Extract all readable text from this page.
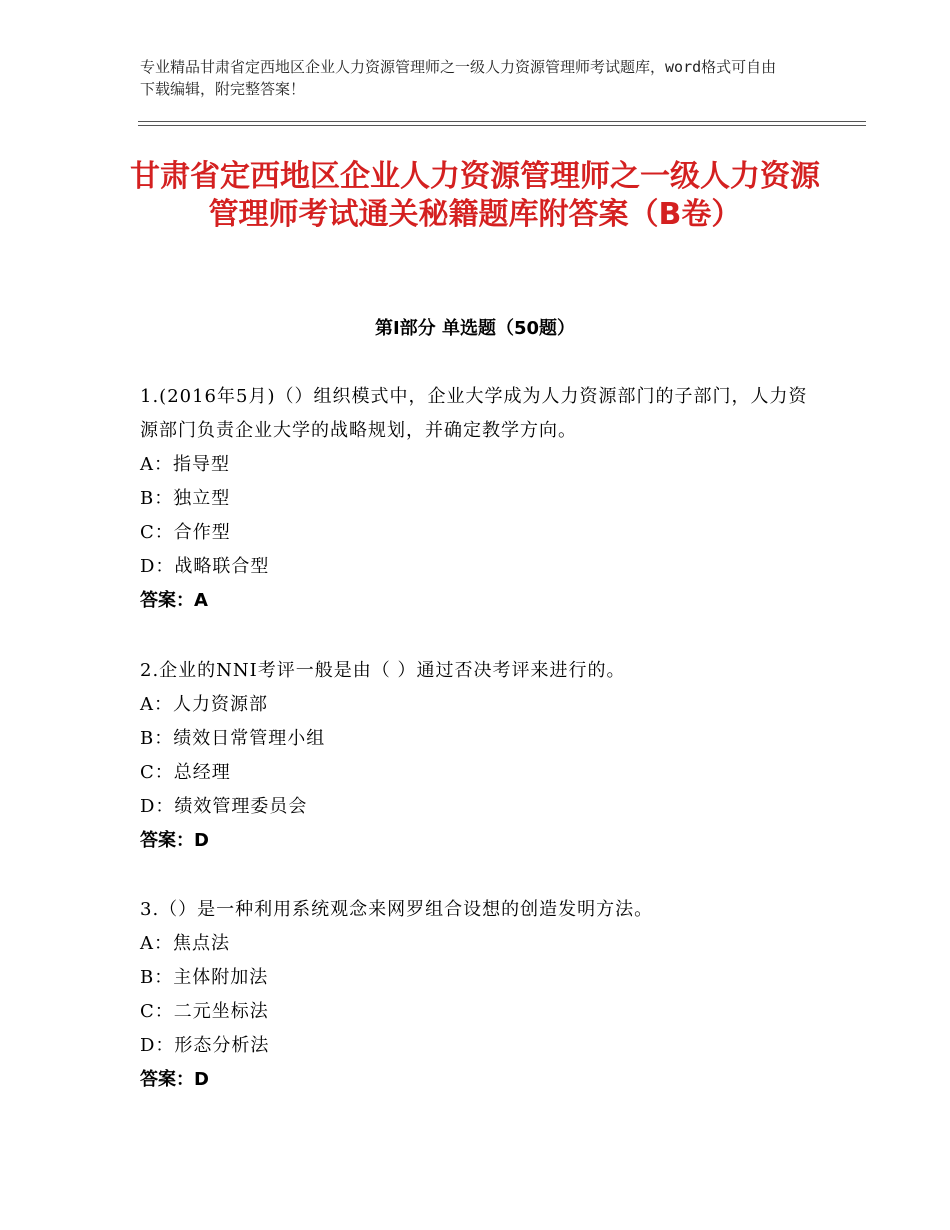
专业精品甘肃省定西地区企业人力资源管理师之一级人力资源管理师考试题库，word格式可自由下载编辑，附完整答案！
甘肃省定西地区企业人力资源管理师之一级人力资源管理师考试通关秘籍题库附答案（B卷）
第Ⅰ部分 单选题（50题）
1.(2016年5月)（）组织模式中，企业大学成为人力资源部门的子部门，人力资源部门负责企业大学的战略规划，并确定教学方向。
A：指导型
B：独立型
C：合作型
D：战略联合型
答案：A
2.企业的NNI考评一般是由（ ）通过否决考评来进行的。
A：人力资源部
B：绩效日常管理小组
C：总经理
D：绩效管理委员会
答案：D
3.（）是一种利用系统观念来网罗组合设想的创造发明方法。
A：焦点法
B：主体附加法
C：二元坐标法
D：形态分析法
答案：D
